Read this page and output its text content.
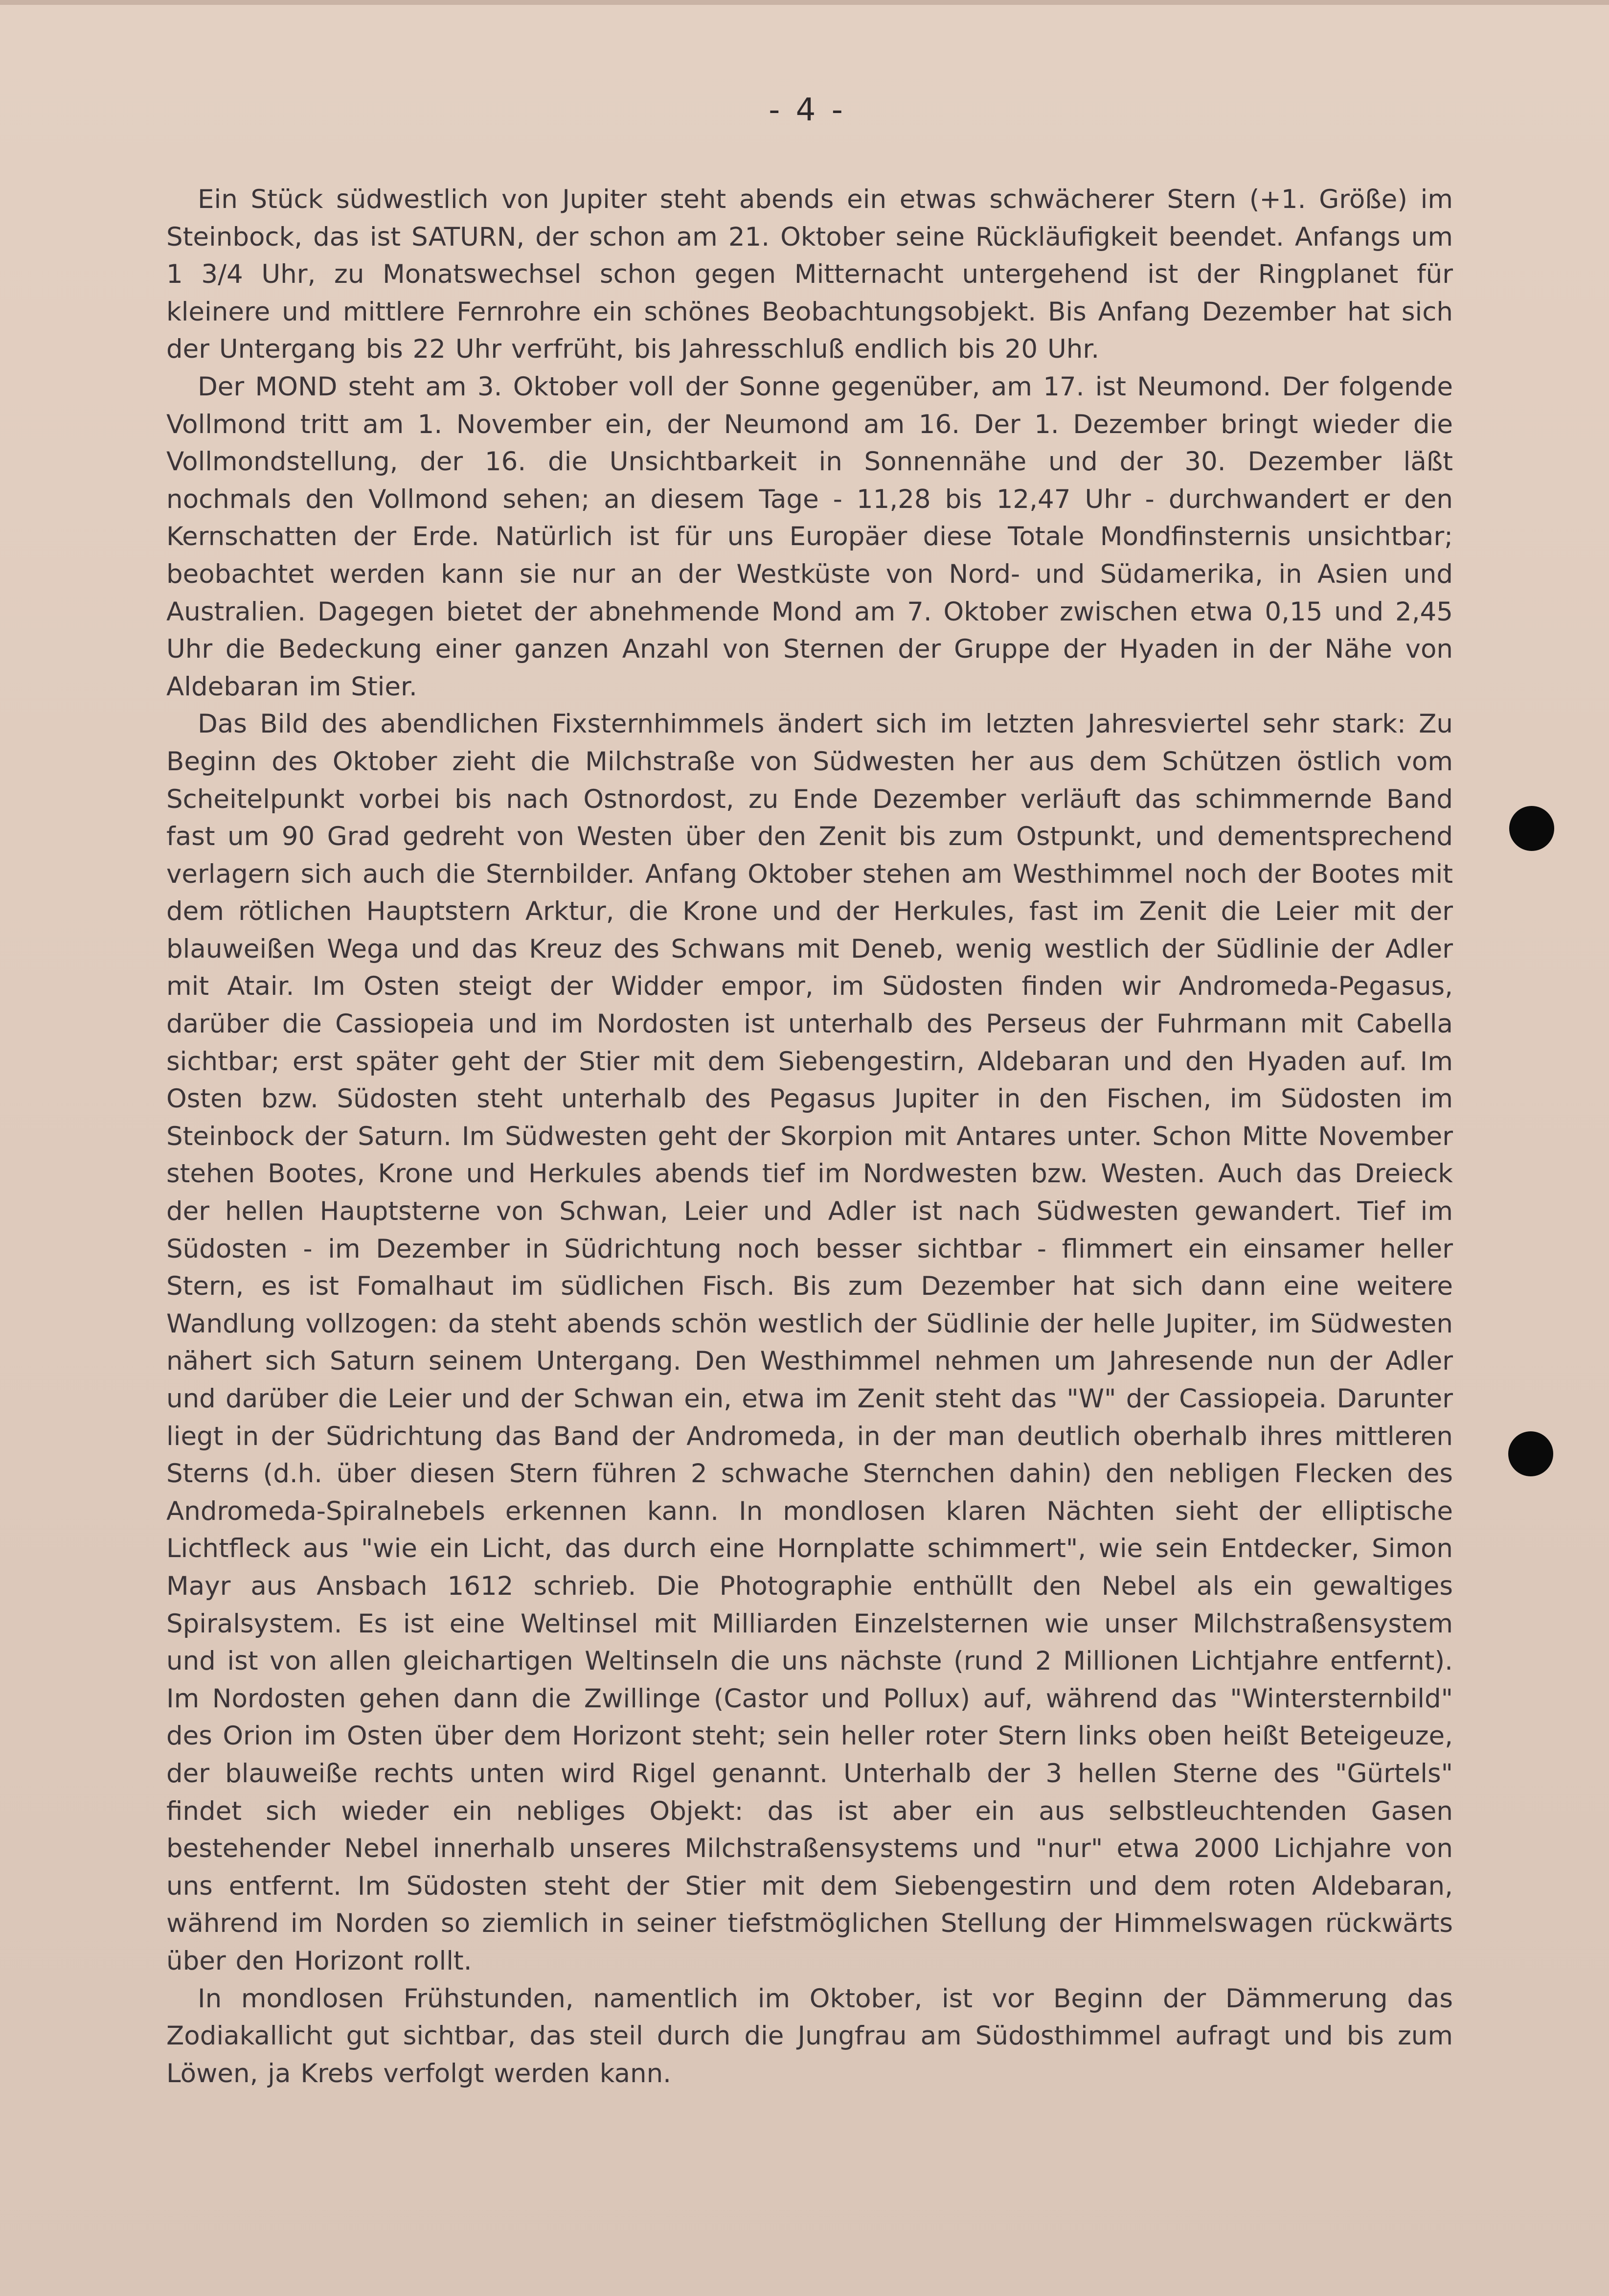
- 4 -

Ein Stück südwestlich von Jupiter steht abends ein etwas schwächerer Stern (+1. Größe) im Steinbock, das ist SATURN, der schon am 21. Oktober seine Rückläufigkeit beendet. Anfangs um 1 3/4 Uhr, zu Monatswechsel schon gegen Mitternacht untergehend ist der Ringplanet für kleinere und mittlere Fernrohre ein schönes Beobachtungsobjekt. Bis Anfang Dezember hat sich der Untergang bis 22 Uhr verfrüht, bis Jahresschluß endlich bis 20 Uhr.

Der MOND steht am 3. Oktober voll der Sonne gegenüber, am 17. ist Neumond. Der folgende Vollmond tritt am 1. November ein, der Neumond am 16. Der 1. Dezember bringt wieder die Vollmondstellung, der 16. die Unsichtbarkeit in Sonnennähe und der 30. Dezember läßt nochmals den Vollmond sehen; an diesem Tage - 11,28 bis 12,47 Uhr - durchwandert er den Kernschatten der Erde. Natürlich ist für uns Europäer diese Totale Mondfinsternis unsichtbar; beobachtet werden kann sie nur an der Westküste von Nord- und Südamerika, in Asien und Australien. Dagegen bietet der abnehmende Mond am 7. Oktober zwischen etwa 0,15 und 2,45 Uhr die Bedeckung einer ganzen Anzahl von Sternen der Gruppe der Hyaden in der Nähe von Aldebaran im Stier.

Das Bild des abendlichen Fixsternhimmels ändert sich im letzten Jahresviertel sehr stark: Zu Beginn des Oktober zieht die Milchstraße von Südwesten her aus dem Schützen östlich vom Scheitelpunkt vorbei bis nach Ostnordost, zu Ende Dezember verläuft das schimmernde Band fast um 90 Grad gedreht von Westen über den Zenit bis zum Ostpunkt, und dementsprechend verlagern sich auch die Sternbilder. Anfang Oktober stehen am Westhimmel noch der Bootes mit dem rötlichen Hauptstern Arktur, die Krone und der Herkules, fast im Zenit die Leier mit der blauweißen Wega und das Kreuz des Schwans mit Deneb, wenig westlich der Südlinie der Adler mit Atair. Im Osten steigt der Widder empor, im Südosten finden wir Andromeda-Pegasus, darüber die Cassiopeia und im Nordosten ist unterhalb des Perseus der Fuhrmann mit Cabella sichtbar; erst später geht der Stier mit dem Siebengestirn, Aldebaran und den Hyaden auf. Im Osten bzw. Südosten steht unterhalb des Pegasus Jupiter in den Fischen, im Südosten im Steinbock der Saturn. Im Südwesten geht der Skorpion mit Antares unter. Schon Mitte November stehen Bootes, Krone und Herkules abends tief im Nordwesten bzw. Westen. Auch das Dreieck der hellen Hauptsterne von Schwan, Leier und Adler ist nach Südwesten gewandert. Tief im Südosten - im Dezember in Südrichtung noch besser sichtbar - flimmert ein einsamer heller Stern, es ist Fomalhaut im südlichen Fisch. Bis zum Dezember hat sich dann eine weitere Wandlung vollzogen: da steht abends schön westlich der Südlinie der helle Jupiter, im Südwesten nähert sich Saturn seinem Untergang. Den Westhimmel nehmen um Jahresende nun der Adler und darüber die Leier und der Schwan ein, etwa im Zenit steht das "W" der Cassiopeia. Darunter liegt in der Südrichtung das Band der Andromeda, in der man deutlich oberhalb ihres mittleren Sterns (d.h. über diesen Stern führen 2 schwache Sternchen dahin) den nebligen Flecken des Andromeda-Spiralnebels erkennen kann. In mondlosen klaren Nächten sieht der elliptische Lichtfleck aus "wie ein Licht, das durch eine Hornplatte schimmert", wie sein Entdecker, Simon Mayr aus Ansbach 1612 schrieb. Die Photographie enthüllt den Nebel als ein gewaltiges Spiralsystem. Es ist eine Weltinsel mit Milliarden Einzelsternen wie unser Milchstraßensystem und ist von allen gleichartigen Weltinseln die uns nächste (rund 2 Millionen Lichtjahre entfernt). Im Nordosten gehen dann die Zwillinge (Castor und Pollux) auf, während das "Wintersternbild" des Orion im Osten über dem Horizont steht; sein heller roter Stern links oben heißt Beteigeuze, der blauweiße rechts unten wird Rigel genannt. Unterhalb der 3 hellen Sterne des "Gürtels" findet sich wieder ein nebliges Objekt: das ist aber ein aus selbstleuchtenden Gasen bestehender Nebel innerhalb unseres Milchstraßensystems und "nur" etwa 2000 Lichjahre von uns entfernt. Im Südosten steht der Stier mit dem Siebengestirn und dem roten Aldebaran, während im Norden so ziemlich in seiner tiefstmöglichen Stellung der Himmelswagen rückwärts über den Horizont rollt.

In mondlosen Frühstunden, namentlich im Oktober, ist vor Beginn der Dämmerung das Zodiakallicht gut sichtbar, das steil durch die Jungfrau am Südosthimmel aufragt und bis zum Löwen, ja Krebs verfolgt werden kann.
